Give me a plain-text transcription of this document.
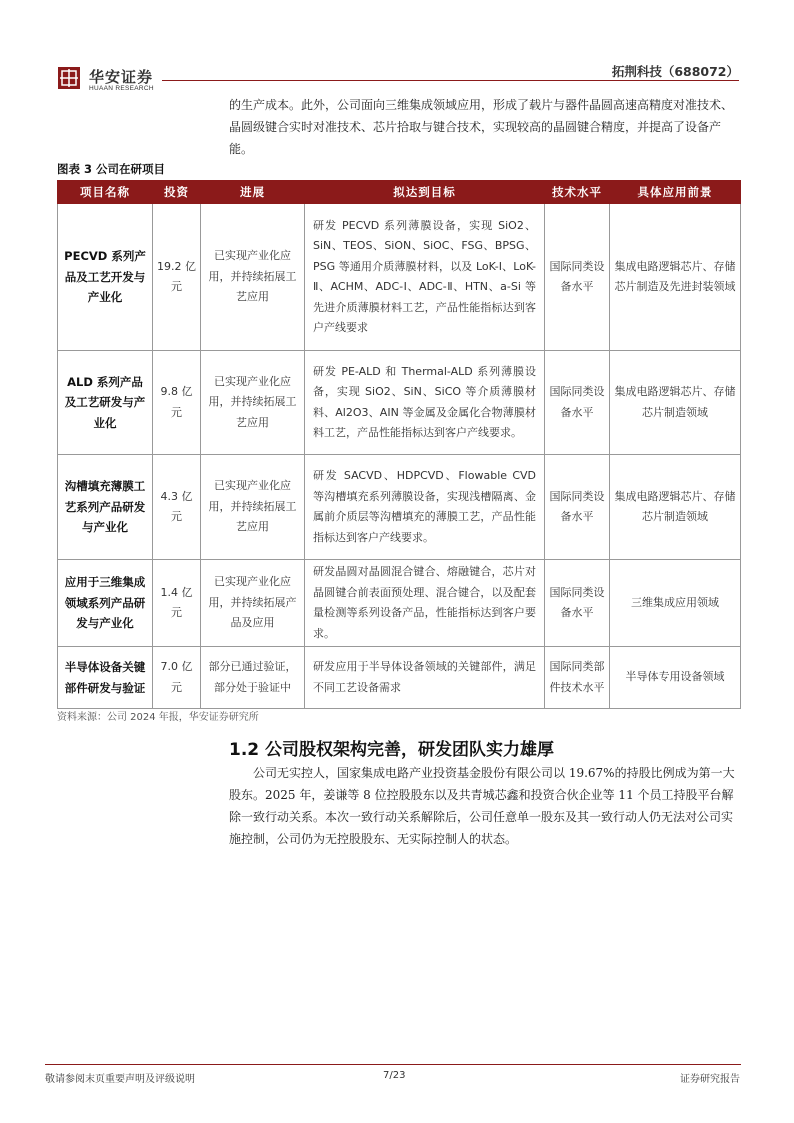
华安证券
HUAAN RESEARCH
拓荆科技（688072）

的生产成本。此外，公司面向三维集成领域应用，形成了载片与器件晶圆高速高精度对准技术、晶圆级键合实时对准技术、芯片拾取与键合技术，实现较高的晶圆键合精度，并提高了设备产能。

图表 3 公司在研项目
项目名称	投资	进展	拟达到目标	技术水平	具体应用前景
PECVD 系列产品及工艺开发与产业化	19.2 亿元	已实现产业化应用，并持续拓展工艺应用	研发 PECVD 系列薄膜设备，实现 SiO2、SiN、TEOS、SiON、SiOC、FSG、BPSG、PSG 等通用介质薄膜材料，以及 LoK-Ⅰ、LoK-Ⅱ、ACHM、ADC-Ⅰ、ADC-Ⅱ、HTN、a-Si 等先进介质薄膜材料工艺，产品性能指标达到客户产线要求	国际同类设备水平	集成电路逻辑芯片、存储芯片制造及先进封装领域
ALD 系列产品及工艺研发与产业化	9.8 亿元	已实现产业化应用，并持续拓展工艺应用	研发 PE-ALD 和 Thermal-ALD 系列薄膜设备，实现 SiO2、SiN、SiCO 等介质薄膜材料、Al2O3、AIN 等金属及金属化合物薄膜材料工艺，产品性能指标达到客户产线要求。	国际同类设备水平	集成电路逻辑芯片、存储芯片制造领域
沟槽填充薄膜工艺系列产品研发与产业化	4.3 亿元	已实现产业化应用，并持续拓展工艺应用	研发 SACVD、HDPCVD、Flowable CVD 等沟槽填充系列薄膜设备，实现浅槽隔离、金属前介质层等沟槽填充的薄膜工艺，产品性能指标达到客户产线要求。	国际同类设备水平	集成电路逻辑芯片、存储芯片制造领域
应用于三维集成领域系列产品研发与产业化	1.4 亿元	已实现产业化应用，并持续拓展产品及应用	研发晶圆对晶圆混合键合、熔融键合，芯片对晶圆键合前表面预处理、混合键合，以及配套量检测等系列设备产品，性能指标达到客户要求。	国际同类设备水平	三维集成应用领域
半导体设备关键部件研发与验证	7.0 亿元	部分已通过验证，部分处于验证中	研发应用于半导体设备领域的关键部件，满足不同工艺设备需求	国际同类部件技术水平	半导体专用设备领域
资料来源：公司 2024 年报，华安证券研究所
1.2 公司股权架构完善，研发团队实力雄厚

公司无实控人，国家集成电路产业投资基金股份有限公司以 19.67%的持股比例成为第一大股东。2025 年，姜谦等 8 位控股股东以及共青城芯鑫和投资合伙企业等 11 个员工持股平台解除一致行动关系。本次一致行动关系解除后，公司任意单一股东及其一致行动人仍无法对公司实施控制，公司仍为无控股股东、无实际控制人的状态。

敬请参阅末页重要声明及评级说明	7/23	证券研究报告
